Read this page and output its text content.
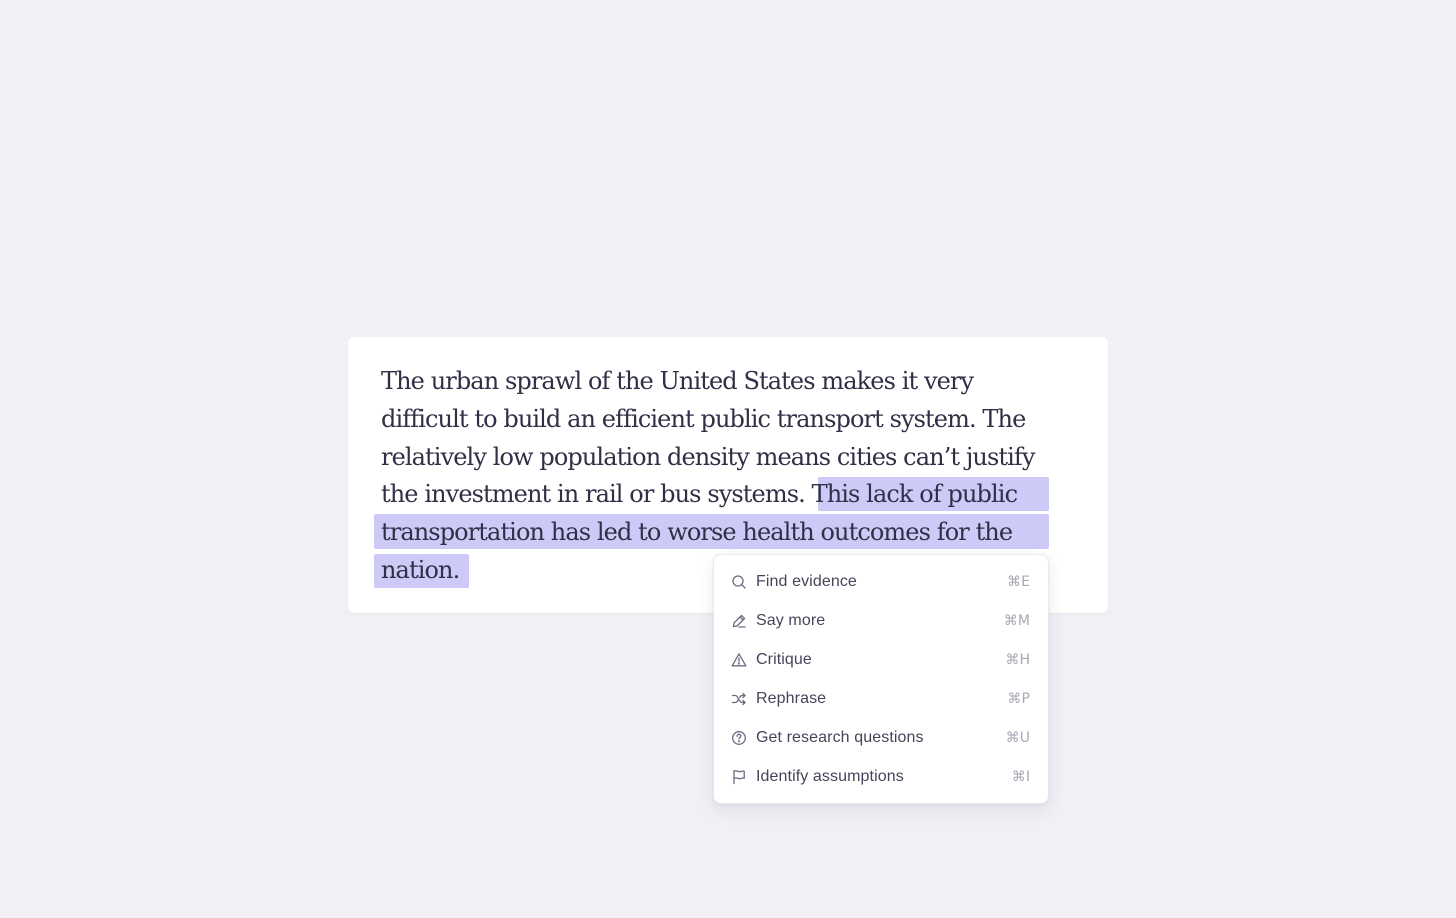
The urban sprawl of the United States makes it very
difficult to build an efficient public transport system. The
relatively low population density means cities can’t justify
the investment in rail or bus systems. This lack of public
transportation has led to worse health outcomes for the
nation.	Find evidence	⌘E
Say more	⌘M
Critique	⌘H
Rephrase	⌘P
Get research questions	⌘U
Identify assumptions	⌘I
